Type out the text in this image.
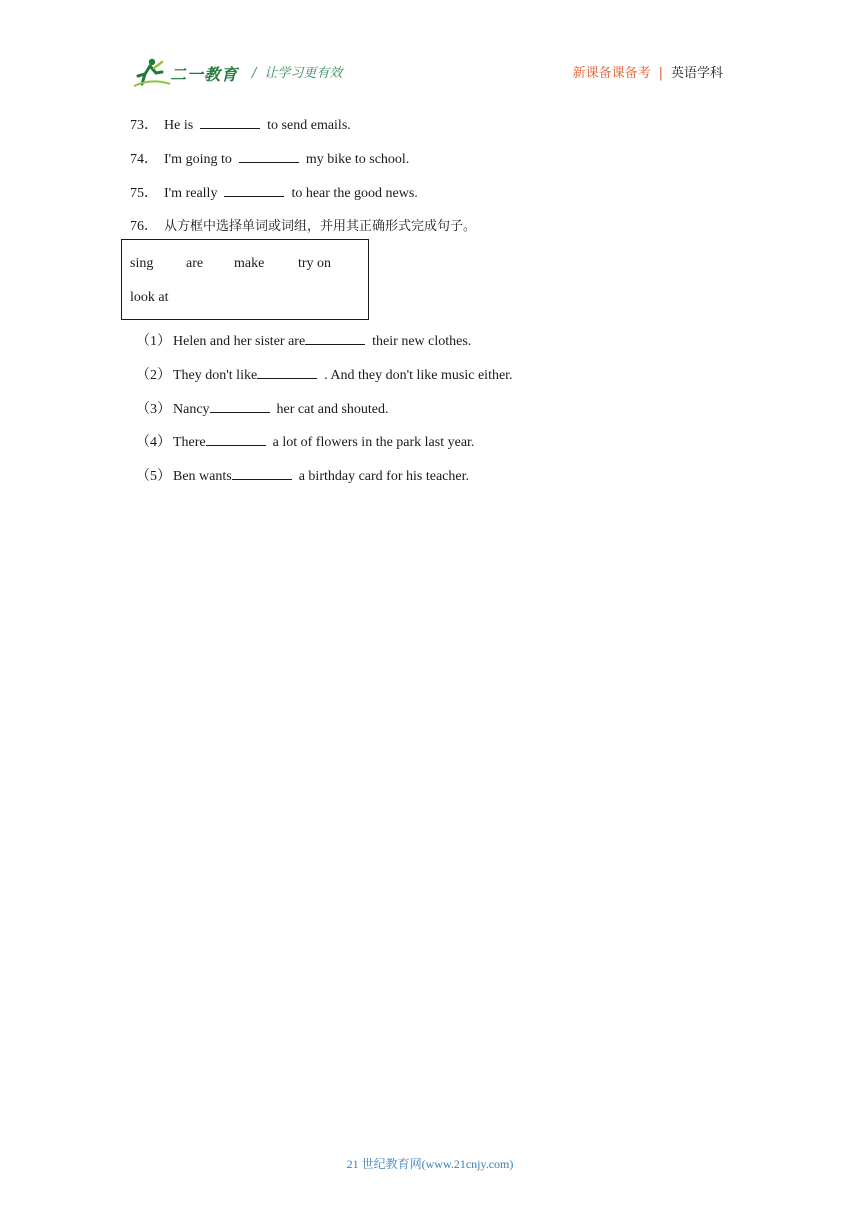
二一教育 / 让学习更有效	新课备课备考 | 英语学科
73． He is	to send emails.
74． I'm going to	my bike to school.
75． I'm really	to hear the good news.
76． 从方框中选择单词或词组，并用其正确形式完成句子。
sing are make try on
look at
（1） Helen and her sister are	their new clothes.
（2） They don't like	. And they don't like music either.
（3） Nancy	her cat and shouted.
（4） There	a lot of flowers in the park last year.
（5） Ben wants	a birthday card for his teacher.
21 世纪教育网(www.21cnjy.com)
